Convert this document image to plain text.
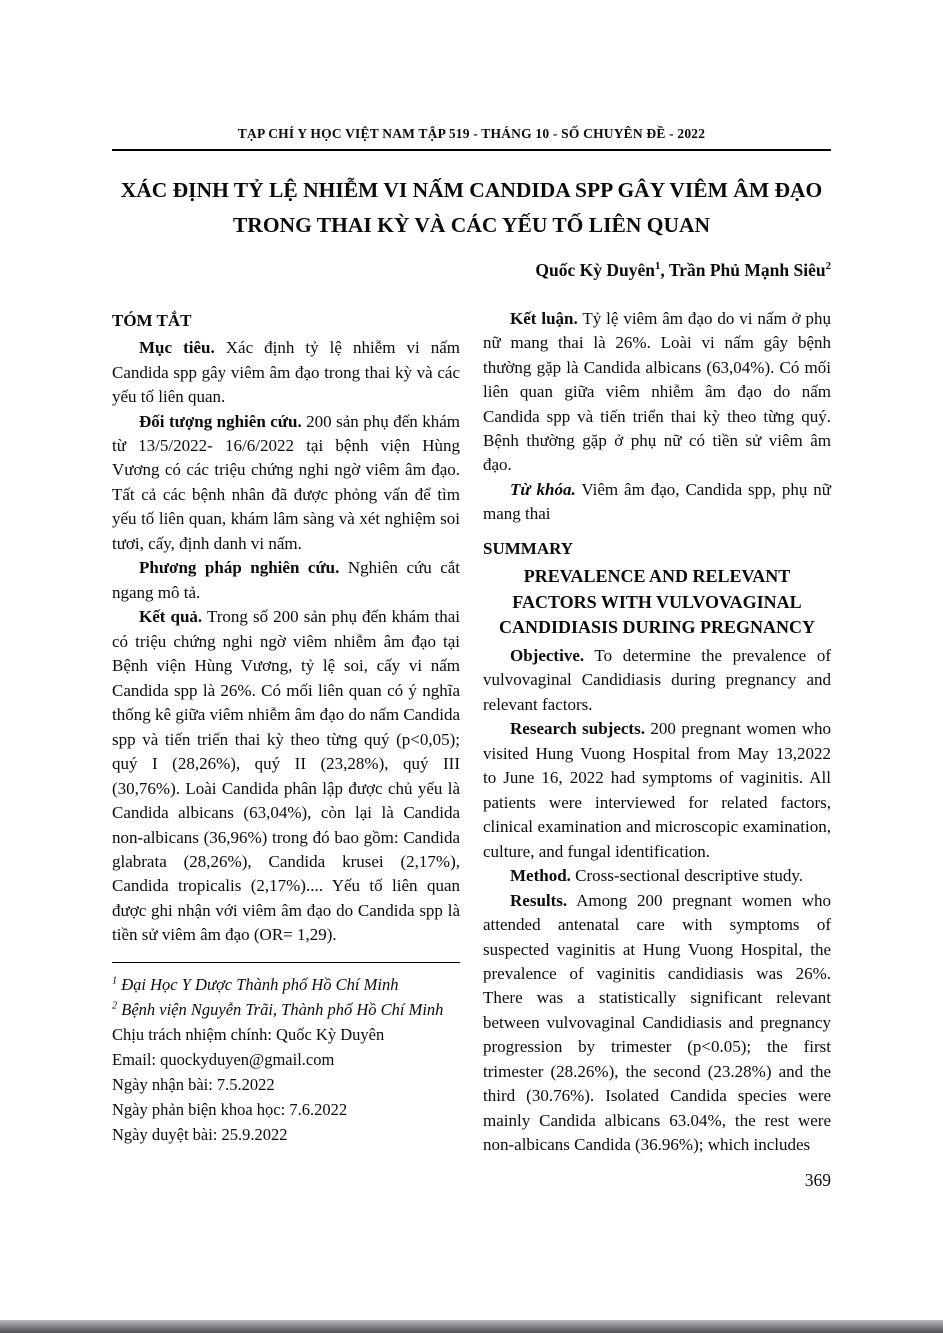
TẠP CHÍ Y HỌC VIỆT NAM TẬP 519 - THÁNG 10 - SỐ CHUYÊN ĐỀ - 2022
XÁC ĐỊNH TỶ LỆ NHIỄM VI NẤM CANDIDA SPP GÂY VIÊM ÂM ĐẠO TRONG THAI KỲ VÀ CÁC YẾU TỐ LIÊN QUAN
Quốc Kỳ Duyên$^1$, Trần Phủ Mạnh Siêu$^2$
TÓM TẮT

Mục tiêu. Xác định tỷ lệ nhiễm vi nấm Candida spp gây viêm âm đạo trong thai kỳ và các yếu tố liên quan.

Đối tượng nghiên cứu. 200 sản phụ đến khám từ 13/5/2022- 16/6/2022 tại bệnh viện Hùng Vương có các triệu chứng nghi ngờ viêm âm đạo. Tất cả các bệnh nhân đã được phỏng vấn để tìm yếu tố liên quan, khám lâm sàng và xét nghiệm soi tươi, cấy, định danh vi nấm.

Phương pháp nghiên cứu. Nghiên cứu cắt ngang mô tả.

Kết quả. Trong số 200 sản phụ đến khám thai có triệu chứng nghi ngờ viêm nhiễm âm đạo tại Bệnh viện Hùng Vương, tỷ lệ soi, cấy vi nấm Candida spp là 26%. Có mối liên quan có ý nghĩa thống kê giữa viêm nhiễm âm đạo do nấm Candida spp và tiến triển thai kỳ theo từng quý (p<0,05); quý I (28,26%), quý II (23,28%), quý III (30,76%). Loài Candida phân lập được chủ yếu là Candida albicans (63,04%), còn lại là Candida non-albicans (36,96%) trong đó bao gồm: Candida glabrata (28,26%), Candida krusei (2,17%), Candida tropicalis (2,17%).... Yếu tố liên quan được ghi nhận với viêm âm đạo do Candida spp là tiền sử viêm âm đạo (OR= 1,29).

$^1$ Đại Học Y Dược Thành phố Hồ Chí Minh

$^2$ Bệnh viện Nguyễn Trãi, Thành phố Hồ Chí Minh

Chịu trách nhiệm chính: Quốc Kỳ Duyên

Email: quockyduyen@gmail.com

Ngày nhận bài: 7.5.2022

Ngày phản biện khoa học: 7.6.2022

Ngày duyệt bài: 25.9.2022

Kết luận. Tỷ lệ viêm âm đạo do vi nấm ở phụ nữ mang thai là 26%. Loài vi nấm gây bệnh thường gặp là Candida albicans (63,04%). Có mối liên quan giữa viêm nhiễm âm đạo do nấm Candida spp và tiến triển thai kỳ theo từng quý. Bệnh thường gặp ở phụ nữ có tiền sử viêm âm đạo.

Từ khóa. Viêm âm đạo, Candida spp, phụ nữ mang thai

SUMMARY
PREVALENCE AND RELEVANT FACTORS WITH VULVOVAGINAL CANDIDIASIS DURING PREGNANCY

Objective. To determine the prevalence of vulvovaginal Candidiasis during pregnancy and relevant factors.

Research subjects. 200 pregnant women who visited Hung Vuong Hospital from May 13,2022 to June 16, 2022 had symptoms of vaginitis. All patients were interviewed for related factors, clinical examination and microscopic examination, culture, and fungal identification.

Method. Cross-sectional descriptive study.

Results. Among 200 pregnant women who attended antenatal care with symptoms of suspected vaginitis at Hung Vuong Hospital, the prevalence of vaginitis candidiasis was 26%. There was a statistically significant relevant between vulvovaginal Candidiasis and pregnancy progression by trimester (p<0.05); the first trimester (28.26%), the second (23.28%) and the third (30.76%). Isolated Candida species were mainly Candida albicans 63.04%, the rest were non-albicans Candida (36.96%); which includes

369
